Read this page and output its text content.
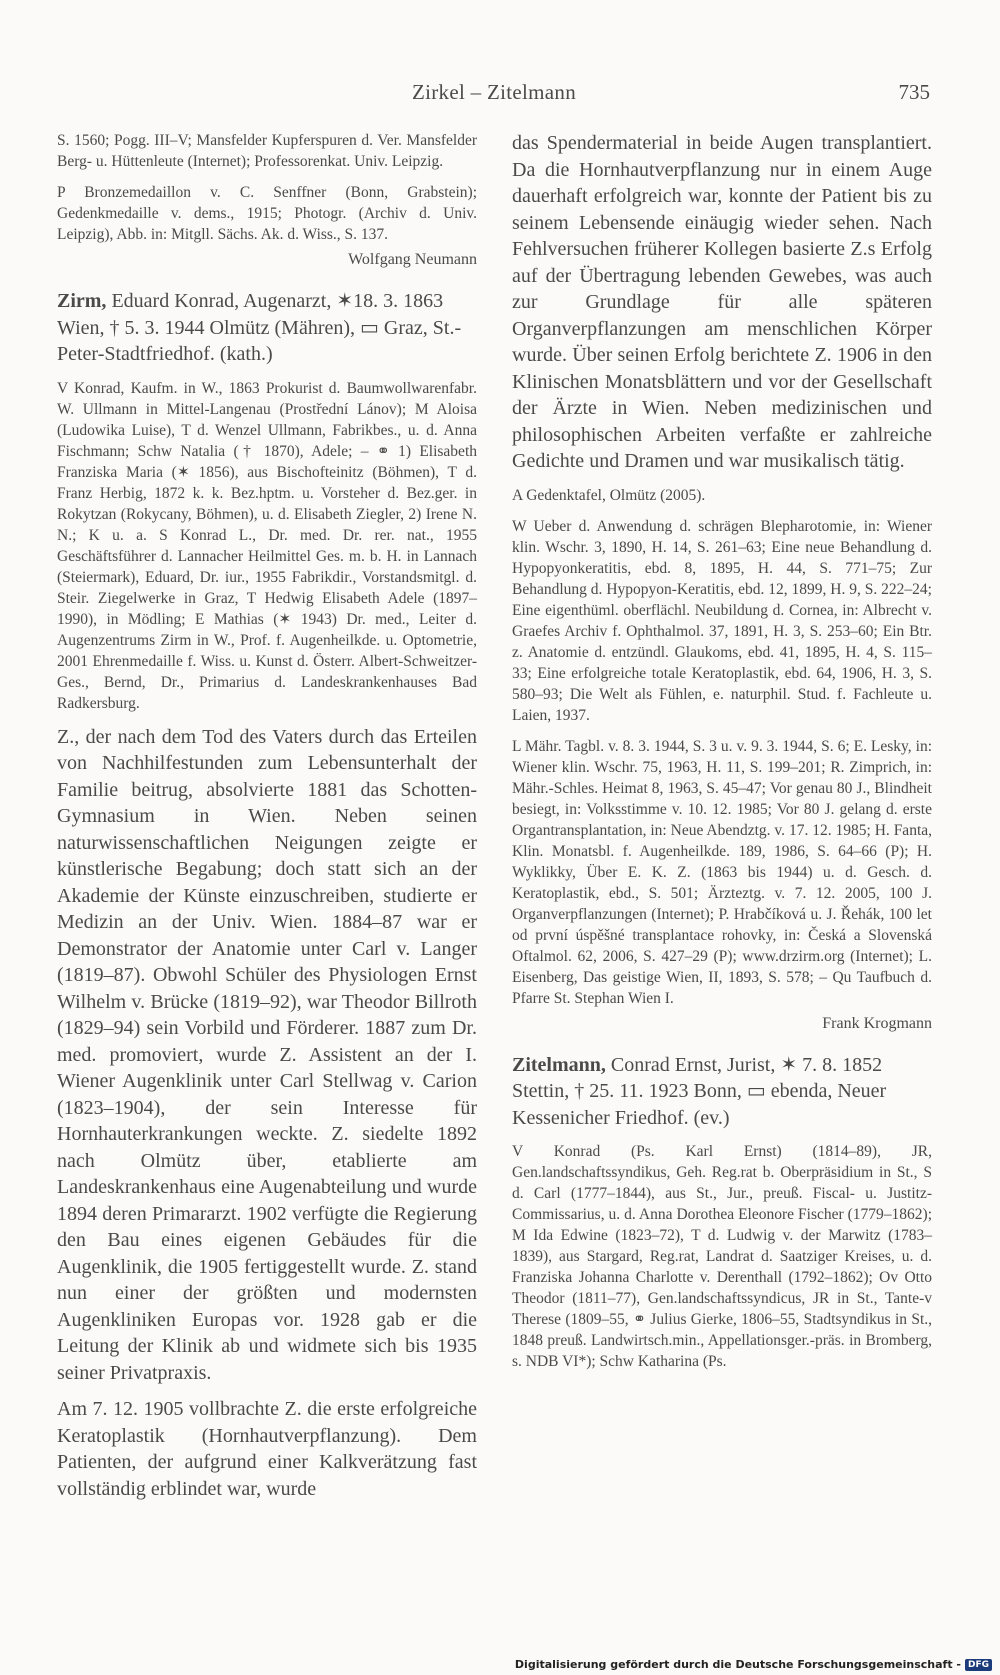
Zirkel – Zitelmann	735

S. 1560; Pogg. III–V; Mansfelder Kupferspuren d. Ver. Mansfelder Berg- u. Hüttenleute (Internet); Professorenkat. Univ. Leipzig.

P Bronzemedaillon v. C. Senffner (Bonn, Grabstein); Gedenkmedaille v. dems., 1915; Photogr. (Archiv d. Univ. Leipzig), Abb. in: Mitgll. Sächs. Ak. d. Wiss., S. 137.

Wolfgang Neumann

Zirm, Eduard Konrad, Augenarzt, ✶18. 3. 1863 Wien, † 5. 3. 1944 Olmütz (Mähren), ▭ Graz, St.-Peter-Stadtfriedhof. (kath.)

V Konrad, Kaufm. in W., 1863 Prokurist d. Baumwollwarenfabr. W. Ullmann in Mittel-Langenau (Prostřední Lánov); M Aloisa (Ludowika Luise), T d. Wenzel Ullmann, Fabrikbes., u. d. Anna Fischmann; Schw Natalia († 1870), Adele; – ⚭ 1) Elisabeth Franziska Maria (✶ 1856), aus Bischofteinitz (Böhmen), T d. Franz Herbig, 1872 k. k. Bez.hptm. u. Vorsteher d. Bez.ger. in Rokytzan (Rokycany, Böhmen), u. d. Elisabeth Ziegler, 2) Irene N. N.; K u. a. S Konrad L., Dr. med. Dr. rer. nat., 1955 Geschäftsführer d. Lannacher Heilmittel Ges. m. b. H. in Lannach (Steiermark), Eduard, Dr. iur., 1955 Fabrikdir., Vorstandsmitgl. d. Steir. Ziegelwerke in Graz, T Hedwig Elisabeth Adele (1897–1990), in Mödling; E Mathias (✶ 1943) Dr. med., Leiter d. Augenzentrums Zirm in W., Prof. f. Augenheilkde. u. Optometrie, 2001 Ehrenmedaille f. Wiss. u. Kunst d. Österr. Albert-Schweitzer-Ges., Bernd, Dr., Primarius d. Landeskrankenhauses Bad Radkersburg.

Z., der nach dem Tod des Vaters durch das Erteilen von Nachhilfestunden zum Lebensunterhalt der Familie beitrug, absolvierte 1881 das Schotten-Gymnasium in Wien. Neben seinen naturwissenschaftlichen Neigungen zeigte er künstlerische Begabung; doch statt sich an der Akademie der Künste einzuschreiben, studierte er Medizin an der Univ. Wien. 1884–87 war er Demonstrator der Anatomie unter Carl v. Langer (1819–87). Obwohl Schüler des Physiologen Ernst Wilhelm v. Brücke (1819–92), war Theodor Billroth (1829–94) sein Vorbild und Förderer. 1887 zum Dr. med. promoviert, wurde Z. Assistent an der I. Wiener Augenklinik unter Carl Stellwag v. Carion (1823–1904), der sein Interesse für Hornhauterkrankungen weckte. Z. siedelte 1892 nach Olmütz über, etablierte am Landeskrankenhaus eine Augenabteilung und wurde 1894 deren Primararzt. 1902 verfügte die Regierung den Bau eines eigenen Gebäudes für die Augenklinik, die 1905 fertiggestellt wurde. Z. stand nun einer der größten und modernsten Augenkliniken Europas vor. 1928 gab er die Leitung der Klinik ab und widmete sich bis 1935 seiner Privatpraxis.

Am 7. 12. 1905 vollbrachte Z. die erste erfolgreiche Keratoplastik (Hornhautverpflanzung). Dem Patienten, der aufgrund einer Kalkverätzung fast vollständig erblindet war, wurde

das Spendermaterial in beide Augen transplantiert. Da die Hornhautverpflanzung nur in einem Auge dauerhaft erfolgreich war, konnte der Patient bis zu seinem Lebensende einäugig wieder sehen. Nach Fehlversuchen früherer Kollegen basierte Z.s Erfolg auf der Übertragung lebenden Gewebes, was auch zur Grundlage für alle späteren Organverpflanzungen am menschlichen Körper wurde. Über seinen Erfolg berichtete Z. 1906 in den Klinischen Monatsblättern und vor der Gesellschaft der Ärzte in Wien. Neben medizinischen und philosophischen Arbeiten verfaßte er zahlreiche Gedichte und Dramen und war musikalisch tätig.

A Gedenktafel, Olmütz (2005).

W Ueber d. Anwendung d. schrägen Blepharotomie, in: Wiener klin. Wschr. 3, 1890, H. 14, S. 261–63; Eine neue Behandlung d. Hypopyonkeratitis, ebd. 8, 1895, H. 44, S. 771–75; Zur Behandlung d. Hypopyon-Keratitis, ebd. 12, 1899, H. 9, S. 222–24; Eine eigenthüml. oberflächl. Neubildung d. Cornea, in: Albrecht v. Graefes Archiv f. Ophthalmol. 37, 1891, H. 3, S. 253–60; Ein Btr. z. Anatomie d. entzündl. Glaukoms, ebd. 41, 1895, H. 4, S. 115–33; Eine erfolgreiche totale Keratoplastik, ebd. 64, 1906, H. 3, S. 580–93; Die Welt als Fühlen, e. naturphil. Stud. f. Fachleute u. Laien, 1937.

L Mähr. Tagbl. v. 8. 3. 1944, S. 3 u. v. 9. 3. 1944, S. 6; E. Lesky, in: Wiener klin. Wschr. 75, 1963, H. 11, S. 199–201; R. Zimprich, in: Mähr.-Schles. Heimat 8, 1963, S. 45–47; Vor genau 80 J., Blindheit besiegt, in: Volksstimme v. 10. 12. 1985; Vor 80 J. gelang d. erste Organtransplantation, in: Neue Abendztg. v. 17. 12. 1985; H. Fanta, Klin. Monatsbl. f. Augenheilkde. 189, 1986, S. 64–66 (P); H. Wyklikky, Über E. K. Z. (1863 bis 1944) u. d. Gesch. d. Keratoplastik, ebd., S. 501; Ärzteztg. v. 7. 12. 2005, 100 J. Organverpflanzungen (Internet); P. Hrabčíková u. J. Řehák, 100 let od první úspěšné transplantace rohovky, in: Česká a Slovenská Oftalmol. 62, 2006, S. 427–29 (P); www.drzirm.org (Internet); L. Eisenberg, Das geistige Wien, II, 1893, S. 578; – Qu Taufbuch d. Pfarre St. Stephan Wien I.

Frank Krogmann

Zitelmann, Conrad Ernst, Jurist, ✶ 7. 8. 1852 Stettin, † 25. 11. 1923 Bonn, ▭ ebenda, Neuer Kessenicher Friedhof. (ev.)

V Konrad (Ps. Karl Ernst) (1814–89), JR, Gen.landschaftssyndikus, Geh. Reg.rat b. Oberpräsidium in St., S d. Carl (1777–1844), aus St., Jur., preuß. Fiscal- u. Justitz-Commissarius, u. d. Anna Dorothea Eleonore Fischer (1779–1862); M Ida Edwine (1823–72), T d. Ludwig v. der Marwitz (1783–1839), aus Stargard, Reg.rat, Landrat d. Saatziger Kreises, u. d. Franziska Johanna Charlotte v. Derenthall (1792–1862); Ov Otto Theodor (1811–77), Gen.landschaftssyndicus, JR in St., Tante-v Therese (1809–55, ⚭ Julius Gierke, 1806–55, Stadtsyndikus in St., 1848 preuß. Landwirtsch.min., Appellationsger.-präs. in Bromberg, s. NDB VI*); Schw Katharina (Ps.

Digitalisierung gefördert durch die Deutsche Forschungsgemeinschaft - DFG
